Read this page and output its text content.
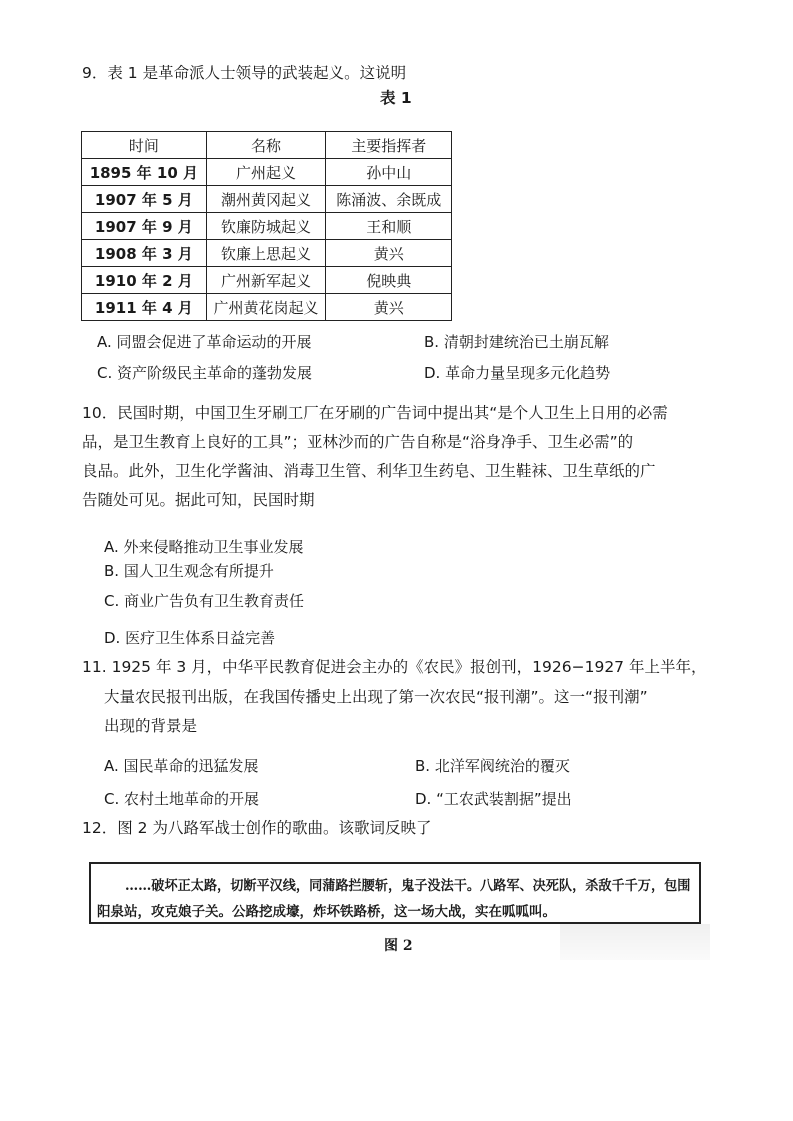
9．表 1 是革命派人士领导的武装起义。这说明
表 1
时间	名称	主要指挥者
1895 年 10 月	广州起义	孙中山
1907 年 5 月	潮州黄冈起义	陈涌波、余既成
1907 年 9 月	钦廉防城起义	王和顺
1908 年 3 月	钦廉上思起义	黄兴
1910 年 2 月	广州新军起义	倪映典
1911 年 4 月	广州黄花岗起义	黄兴
A. 同盟会促进了革命运动的开展	B. 清朝封建统治已土崩瓦解
C. 资产阶级民主革命的蓬勃发展	D. 革命力量呈现多元化趋势
10．民国时期，中国卫生牙刷工厂在牙刷的广告词中提出其“是个人卫生上日用的必需
品，是卫生教育上良好的工具”；亚林沙而的广告自称是“浴身净手、卫生必需”的
良品。此外，卫生化学酱油、消毒卫生管、利华卫生药皂、卫生鞋袜、卫生草纸的广
告随处可见。据此可知，民国时期
A. 外来侵略推动卫生事业发展
B. 国人卫生观念有所提升
C. 商业广告负有卫生教育责任
D. 医疗卫生体系日益完善
11. 1925 年 3 月，中华平民教育促进会主办的《农民》报创刊，1926−1927 年上半年，
大量农民报刊出版，在我国传播史上出现了第一次农民“报刊潮”。这一“报刊潮”
出现的背景是
A. 国民革命的迅猛发展	B. 北洋军阀统治的覆灭
C. 农村土地革命的开展	D. “工农武装割据”提出
12．图 2 为八路军战士创作的歌曲。该歌词反映了
……破坏正太路，切断平汉线，同蒲路拦腰斩，鬼子没法干。八路军、决死队，杀敌千千万，包围
阳泉站，攻克娘子关。公路挖成壕，炸坏铁路桥，这一场大战，实在呱呱叫。
图 2
